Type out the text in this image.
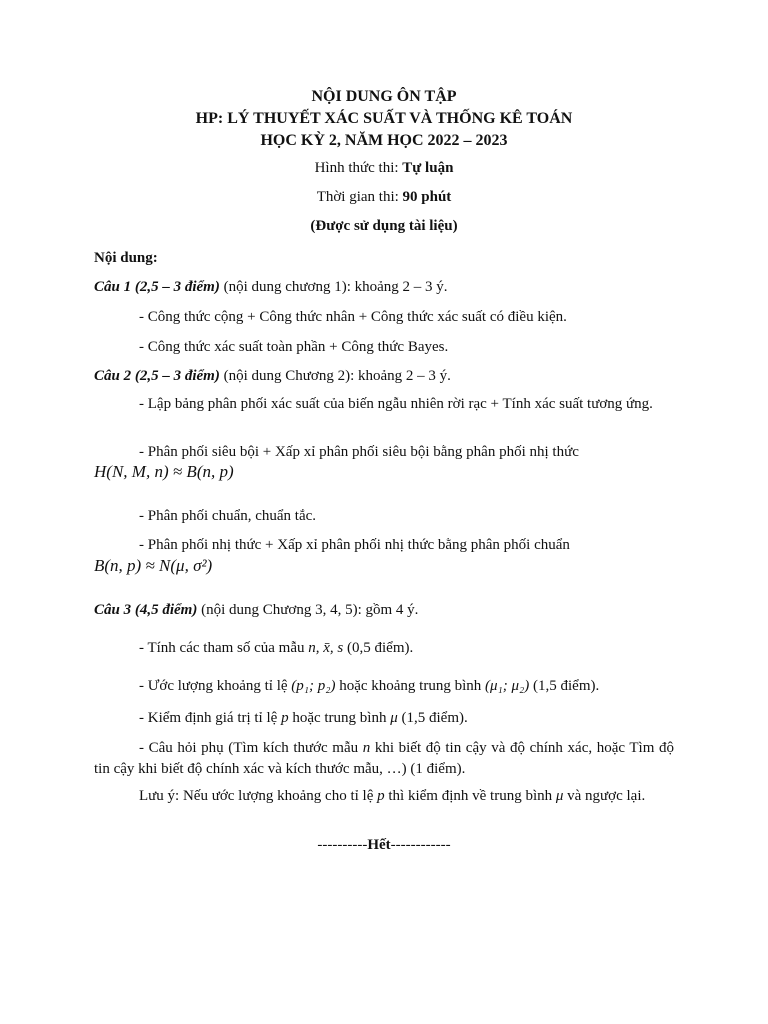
NỘI DUNG ÔN TẬP

HP: LÝ THUYẾT XÁC SUẤT VÀ THỐNG KÊ TOÁN

HỌC KỲ 2, NĂM HỌC 2022 – 2023

Hình thức thi: Tự luận
Thời gian thi: 90 phút
(Được sử dụng tài liệu)
Nội dung:
Câu 1 (2,5 – 3 điểm) (nội dung chương 1): khoảng 2 – 3 ý.
- Công thức cộng + Công thức nhân + Công thức xác suất có điều kiện.
- Công thức xác suất toàn phần + Công thức Bayes.
Câu 2 (2,5 – 3 điểm) (nội dung Chương 2): khoảng 2 – 3 ý.
- Lập bảng phân phối xác suất của biến ngẫu nhiên rời rạc + Tính xác suất tương ứng.
- Phân phối siêu bội + Xấp xỉ phân phối siêu bội bằng phân phối nhị thức
H(N, M, n) ≈ B(n, p)
- Phân phối chuẩn, chuẩn tắc.
- Phân phối nhị thức + Xấp xỉ phân phối nhị thức bằng phân phối chuẩn
B(n, p) ≈ N(μ, σ²)
Câu 3 (4,5 điểm) (nội dung Chương 3, 4, 5): gồm 4 ý.
- Tính các tham số của mẫu n, x̄, s (0,5 điểm).
- Ước lượng khoảng tỉ lệ (p₁; p₂) hoặc khoảng trung bình (μ₁; μ₂) (1,5 điểm).
- Kiểm định giá trị tỉ lệ p hoặc trung bình μ (1,5 điểm).
- Câu hỏi phụ (Tìm kích thước mẫu n khi biết độ tin cậy và độ chính xác, hoặc Tìm độ tin cậy khi biết độ chính xác và kích thước mẫu, …) (1 điểm).
Lưu ý: Nếu ước lượng khoảng cho tỉ lệ p thì kiểm định về trung bình μ và ngược lại.
----------Hết------------
